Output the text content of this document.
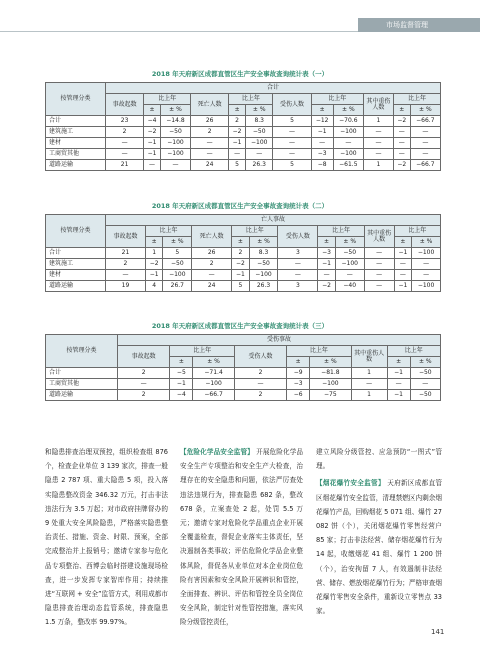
市场监督管理
2018 年天府新区成都直管区生产安全事故查询统计表（一）
按管理分类	合计											
	事故起数	比上年		死亡人数	比上年		受伤人数	比上年		其中重伤人数	比上年	
		±	± %		±	± %		±	± %		±	± %
合计	23	−4	−14.8	26	2	8.3	5	−12	−70.6	1	−2	−66.7
建筑施工	2	−2	−50	2	−2	−50	—	−1	−100	—	—	—
建材	—	−1	−100	—	−1	−100	—	—	—	—	—	—
工商贸其他	—	−1	−100	—	—	—	—	−3	−100	—	—	—
道路运输	21	—	—	24	5	26.3	5	−8	−61.5	1	−2	−66.7
2018 年天府新区成都直管区生产安全事故查询统计表（二）
按管理分类	亡人事故											
	事故起数	比上年		死亡人数	比上年		受伤人数	比上年		其中重伤人数	比上年	
		±	± %		±	± %		±	± %		±	± %
合计	21	1	5	26	2	8.3	3	−3	−50	—	−1	−100
建筑施工	2	−2	−50	2	−2	−50	—	−1	−100	—	—	—
建材	—	−1	−100	—	−1	−100	—	—	—	—	—	—
道路运输	19	4	26.7	24	5	26.3	3	−2	−40	—	−1	−100
2018 年天府新区成都直管区生产安全事故查询统计表（三）
按管理分类	受伤事故								
	事故起数	比上年		受伤人数	比上年		其中重伤人数	比上年	
		±	± %		±	± %		±	± %
合计	2	−5	−71.4	2	−9	−81.8	1	−1	−50
工商贸其他	—	−1	−100	—	−3	−100	—	—	—
道路运输	2	−4	−66.7	2	−6	−75	1	−1	−50
和隐患排查治理双预控，组织检查组 876 个，检查企业单位 3 139 家次，排查一般隐患 2 787 项、重大隐患 5 项，投入落实隐患整改资金 346.32 万元，打击非法违法行为 3.5 万起；对市政府挂牌督办的 9 处重大安全风险隐患，严格落实隐患整治责任、措施、资金、时限、预案，全部完成整治并上报销号；邀请专家参与危化品专项整治、西博会临时搭建设施现场检查，进一步发挥专家智库作用；持续推进“互联网 + 安全”监管方式，利用成都市隐患排查治理动态监管系统，排查隐患 1.5 万条，整改率 99.97%。
【危险化学品安全监管】 开展危险化学品安全生产专项整治和安全生产大检查，治理存在的安全隐患和问题，依法严厉查处违法违规行为，排查隐患 682 条，整改 678 条，立案查处 2 起，处罚 5.5 万元；邀请专家对危险化学品重点企业开展全覆盖检查，督促企业落实主体责任，坚决遏制各类事故；评估危险化学品企业整体风险，督促各从业单位对本企业岗位危险有害因素和安全风险开展辨识和管控，全面排查、辨识、评估和管控全员全岗位安全风险，制定针对性管控措施，落实风险分级管控责任，
建立风险分级管控、应急预防“一图式”管理。
【烟花爆竹安全监管】 天府新区成都直管区烟花爆竹安全监管，清理禁燃区内剩余烟花爆竹产品，回购烟花 5 071 组、爆竹 27 082 饼（个），关闭烟花爆竹零售经营户 85 家；打击非法经营、储存烟花爆竹行为 14 起，收缴烟花 41 组、爆竹 1 200 饼（个），治安拘留 7 人，有效遏制非法经营、储存、燃放烟花爆竹行为；严格审查烟花爆竹零售安全条件，重新设立零售点 33 家。
141
